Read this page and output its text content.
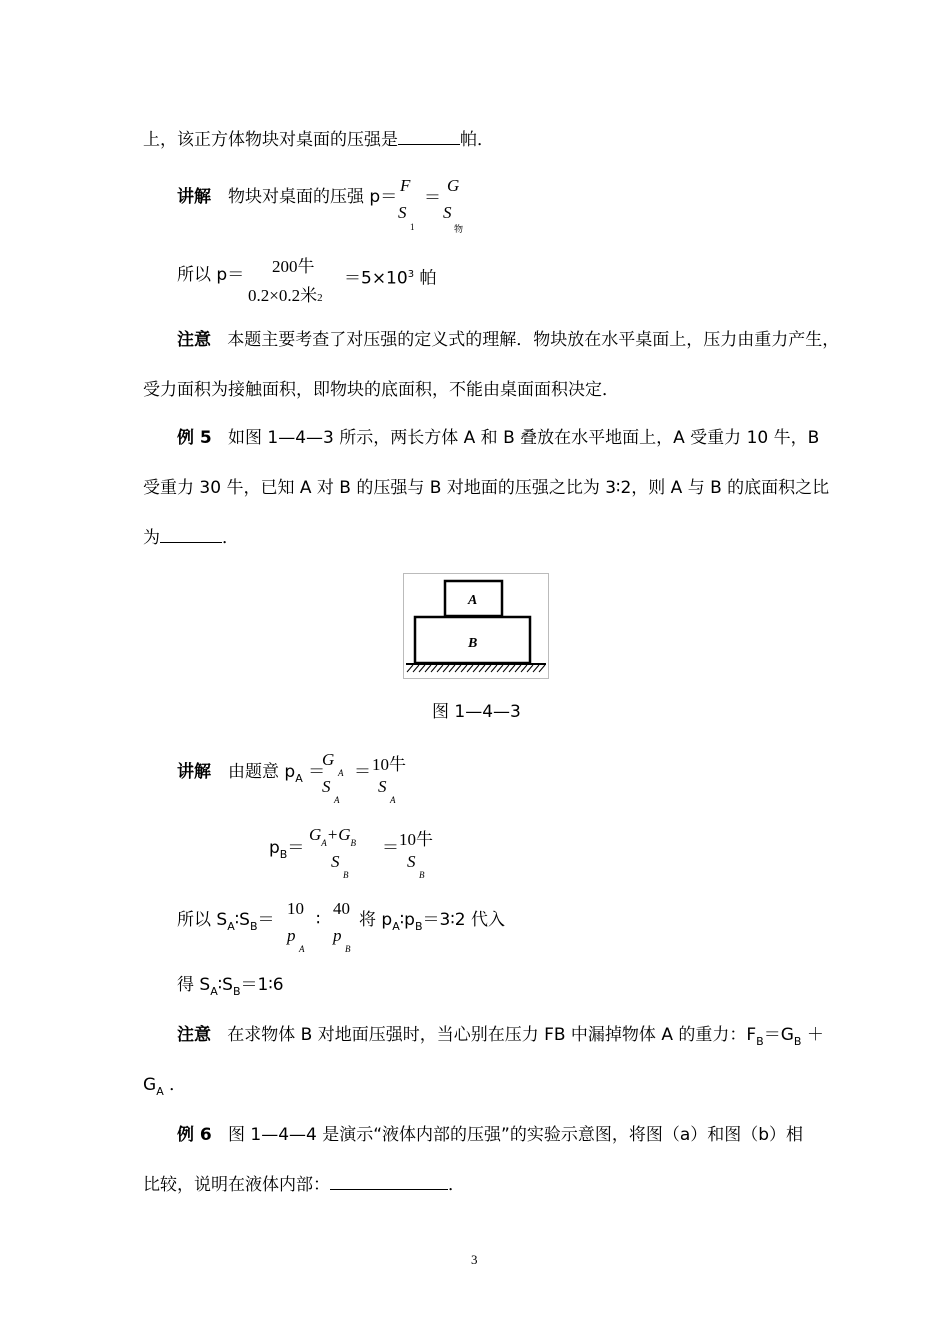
上，该正方体物块对桌面的压强是	帕．
讲解 物块对桌面的压强 p＝
F
S
1
＝
G
S
物
所以 p＝ 200牛
0.2×0.2米2
$=5\times 10^3$ 帕
注意 本题主要考查了对压强的定义式的理解．物块放在水平桌面上，压力由重力产生，
受力面积为接触面积，即物块的底面积，不能由桌面面积决定．
例 5 如图 1—4—3 所示，两长方体 A 和 B 叠放在水平地面上，A 受重力 10 牛，B
受重力 30 牛，已知 A 对 B 的压强与 B 对地面的压强之比为 3∶2，则 A 与 B 的底面积之比
为	．
A
B
图 1—4—3
讲解 由题意 $p_A$ ＝
G
A
S
A
＝ 10牛
S
A
$p_B=$
$G_A+G_B$
S
B
＝ 10牛
S
B
所以 $S_A∶S_B=$
10
p
A
∶
40
p
B
将 $p_A∶p_B=3∶2$ 代入
得 $S_A∶S_B=1∶6$
注意 在求物体 B 对地面压强时，当心别在压力 FB 中漏掉物体 A 的重力：$F_B=G_B$ ＋
$G_A$ ．
例 6 图 1—4—4 是演示“液体内部的压强”的实验示意图，将图（a）和图（b）相
比较，说明在液体内部：	．
3
